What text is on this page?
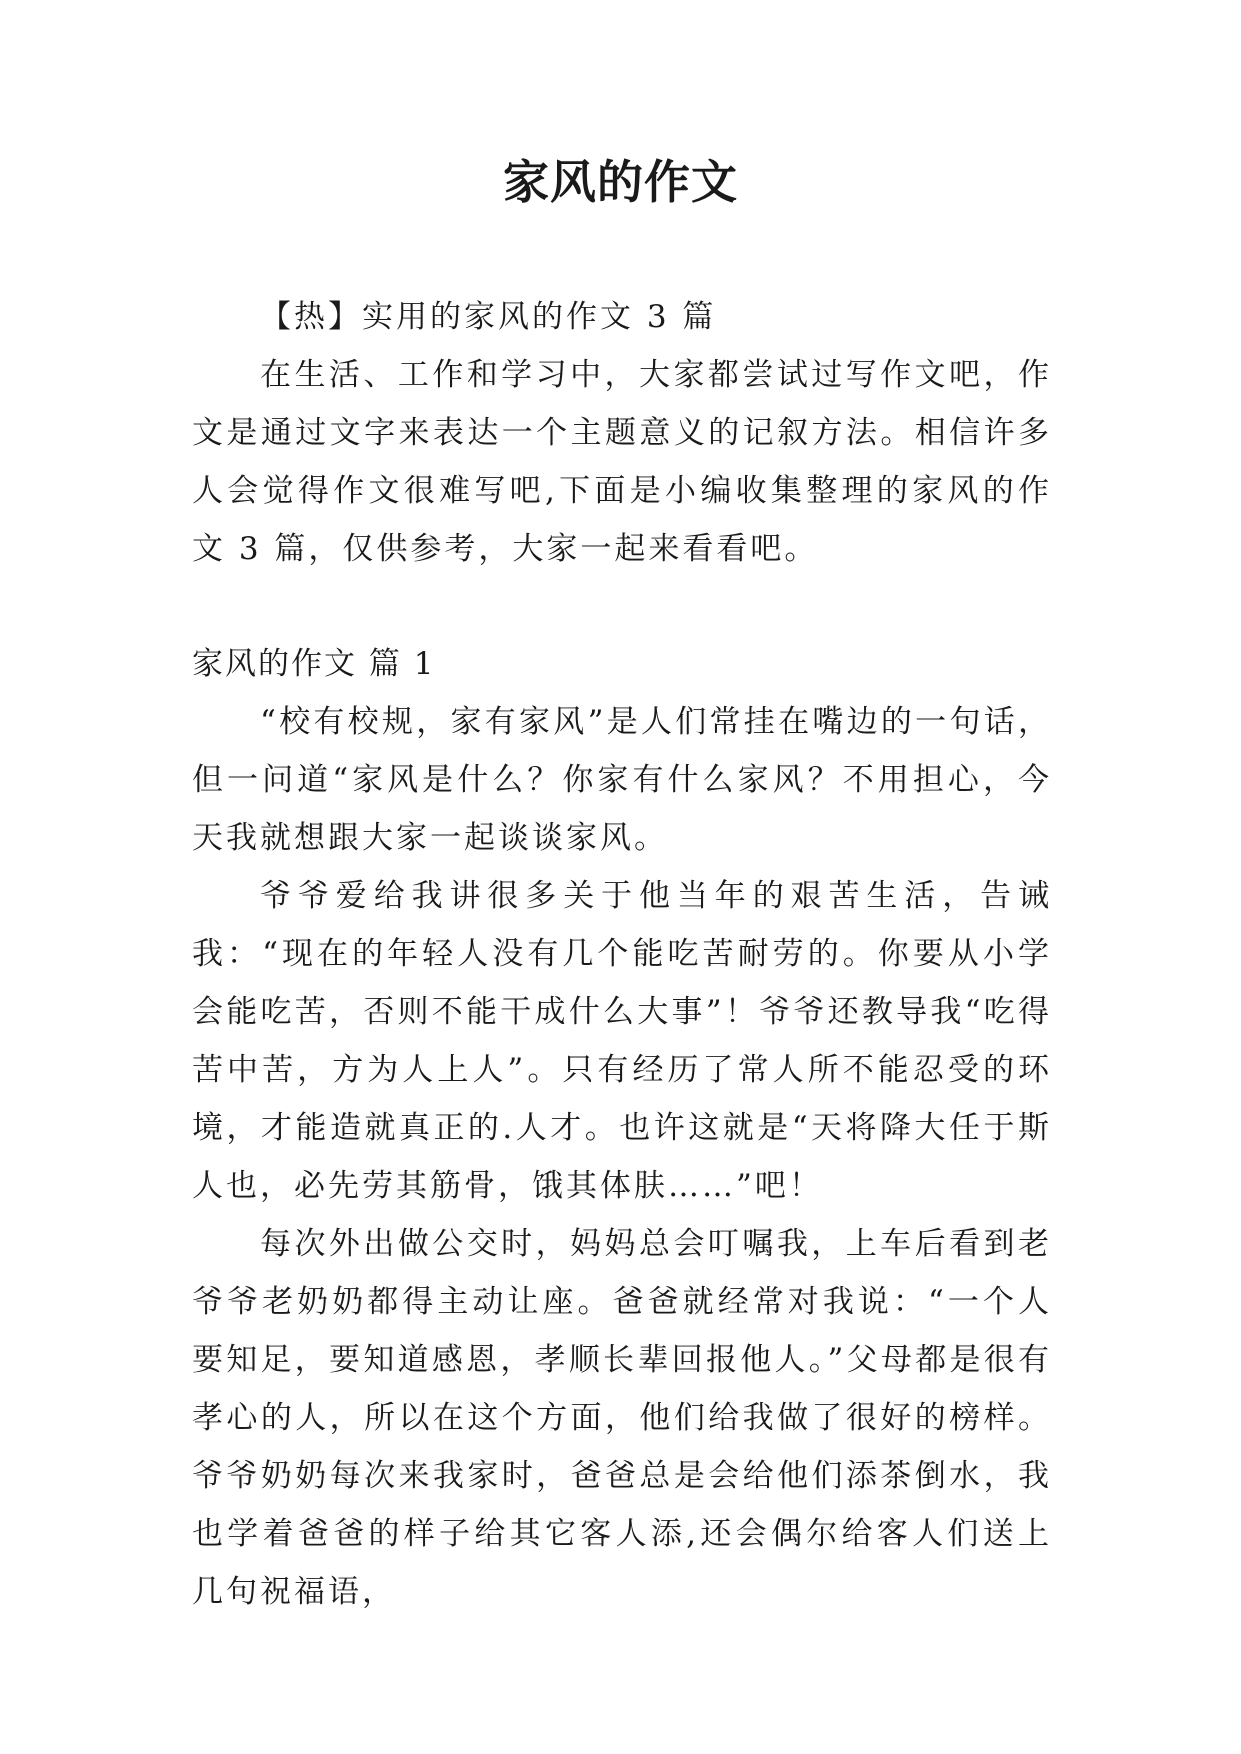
家风的作文

【热】实用的家风的作文 3 篇

在生活、工作和学习中，大家都尝试过写作文吧，作文是通过文字来表达一个主题意义的记叙方法。相信许多人会觉得作文很难写吧,下面是小编收集整理的家风的作文 3 篇，仅供参考，大家一起来看看吧。

家风的作文 篇 1

“校有校规，家有家风”是人们常挂在嘴边的一句话，但一问道“家风是什么？你家有什么家风？不用担心，今天我就想跟大家一起谈谈家风。

爷爷爱给我讲很多关于他当年的艰苦生活，告诫我：“现在的年轻人没有几个能吃苦耐劳的。你要从小学会能吃苦，否则不能干成什么大事”！爷爷还教导我“吃得苦中苦，方为人上人”。只有经历了常人所不能忍受的环境，才能造就真正的.人才。也许这就是“天将降大任于斯人也，必先劳其筋骨，饿其体肤……”吧！

每次外出做公交时，妈妈总会叮嘱我，上车后看到老爷爷老奶奶都得主动让座。爸爸就经常对我说：“一个人要知足，要知道感恩，孝顺长辈回报他人。”父母都是很有孝心的人，所以在这个方面，他们给我做了很好的榜样。爷爷奶奶每次来我家时，爸爸总是会给他们添茶倒水，我也学着爸爸的样子给其它客人添,还会偶尔给客人们送上几句祝福语，
